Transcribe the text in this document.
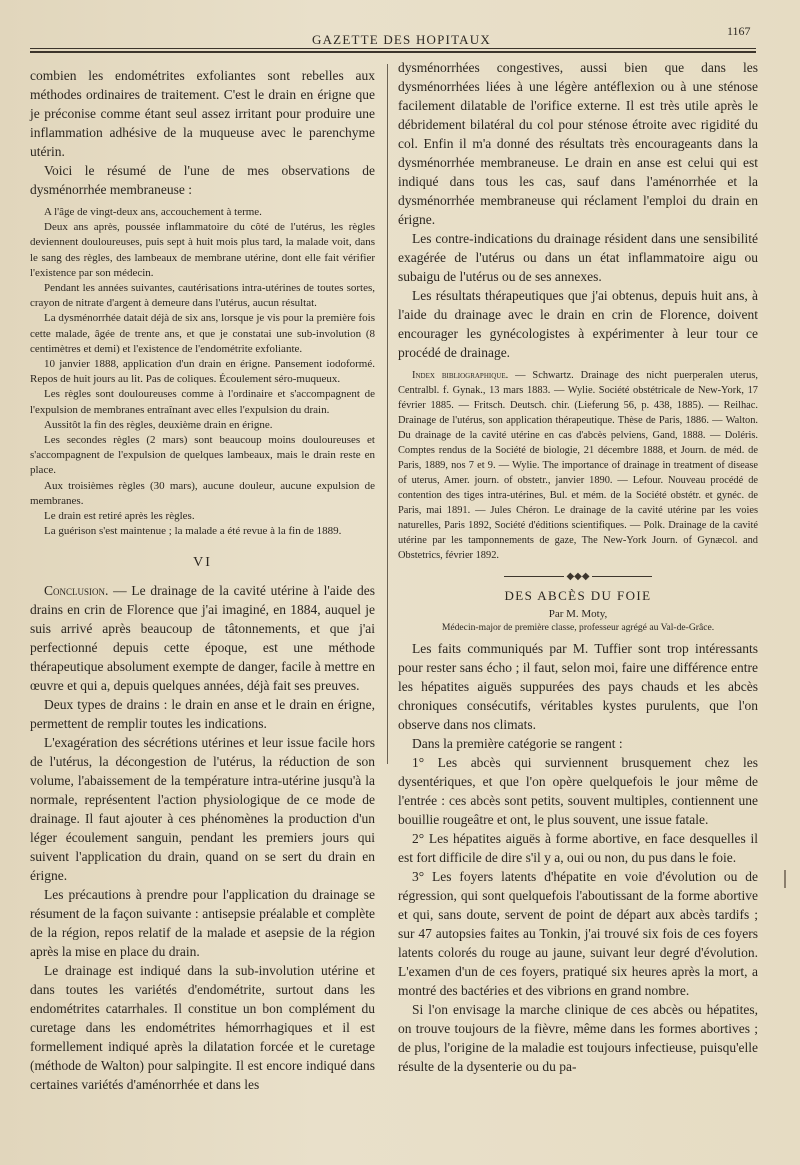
GAZETTE DES HOPITAUX
1167

combien les endométrites exfoliantes sont rebelles aux méthodes ordinaires de traitement. C'est le drain en érigne que je préconise comme étant seul assez irritant pour produire une inflammation adhésive de la muqueuse avec le parenchyme utérin.

Voici le résumé de l'une de mes observations de dysménorrhée membraneuse :

A l'âge de vingt-deux ans, accouchement à terme.

Deux ans après, poussée inflammatoire du côté de l'utérus, les règles deviennent douloureuses, puis sept à huit mois plus tard, la malade voit, dans le sang des règles, des lambeaux de membrane utérine, dont elle fait vérifier l'existence par son médecin.

Pendant les années suivantes, cautérisations intra-utérines de toutes sortes, crayon de nitrate d'argent à demeure dans l'utérus, aucun résultat.

La dysménorrhée datait déjà de six ans, lorsque je vis pour la première fois cette malade, âgée de trente ans, et que je constatai une sub-involution (8 centimètres et demi) et l'existence de l'endométrite exfoliante.

10 janvier 1888, application d'un drain en érigne. Pansement iodoformé. Repos de huit jours au lit. Pas de coliques. Écoulement séro-muqueux.

Les règles sont douloureuses comme à l'ordinaire et s'accompagnent de l'expulsion de membranes entraînant avec elles l'expulsion du drain.

Aussitôt la fin des règles, deuxième drain en érigne.

Les secondes règles (2 mars) sont beaucoup moins douloureuses et s'accompagnent de l'expulsion de quelques lambeaux, mais le drain reste en place.

Aux troisièmes règles (30 mars), aucune douleur, aucune expulsion de membranes.

Le drain est retiré après les règles.

La guérison s'est maintenue ; la malade a été revue à la fin de 1889.

VI

Conclusion. — Le drainage de la cavité utérine à l'aide des drains en crin de Florence que j'ai imaginé, en 1884, auquel je suis arrivé après beaucoup de tâtonnements, et que j'ai perfectionné depuis cette époque, est une méthode thérapeutique absolument exempte de danger, facile à mettre en œuvre et qui a, depuis quelques années, déjà fait ses preuves.

Deux types de drains : le drain en anse et le drain en érigne, permettent de remplir toutes les indications.

L'exagération des sécrétions utérines et leur issue facile hors de l'utérus, la décongestion de l'utérus, la réduction de son volume, l'abaissement de la température intra-utérine jusqu'à la normale, représentent l'action physiologique de ce mode de drainage. Il faut ajouter à ces phénomènes la production d'un léger écoulement sanguin, pendant les premiers jours qui suivent l'application du drain, quand on se sert du drain en érigne.

Les précautions à prendre pour l'application du drainage se résument de la façon suivante : antisepsie préalable et complète de la région, repos relatif de la malade et asepsie de la région après la mise en place du drain.

Le drainage est indiqué dans la sub-involution utérine et dans toutes les variétés d'endométrite, surtout dans les endométrites catarrhales. Il constitue un bon complément du curetage dans les endométrites hémorrhagiques et il est formellement indiqué après la dilatation forcée et le curetage (méthode de Walton) pour salpingite. Il est encore indiqué dans certaines variétés d'aménorrhée et dans les

dysménorrhées congestives, aussi bien que dans les dysménorrhées liées à une légère antéflexion ou à une sténose facilement dilatable de l'orifice externe. Il est très utile après le débridement bilatéral du col pour sténose étroite avec rigidité du col. Enfin il m'a donné des résultats très encourageants dans la dysménorrhée membraneuse. Le drain en anse est celui qui est indiqué dans tous les cas, sauf dans l'aménorrhée et la dysménorrhée membraneuse qui réclament l'emploi du drain en érigne.

Les contre-indications du drainage résident dans une sensibilité exagérée de l'utérus ou dans un état inflammatoire aigu ou subaigu de l'utérus ou de ses annexes.

Les résultats thérapeutiques que j'ai obtenus, depuis huit ans, à l'aide du drainage avec le drain en crin de Florence, doivent encourager les gynécologistes à expérimenter à leur tour ce procédé de drainage.

Index bibliographique. — Schwartz. Drainage des nicht puerperalen uterus, Centralbl. f. Gynak., 13 mars 1883. — Wylie. Société obstétricale de New-York, 17 février 1885. — Fritsch. Deutsch. chir. (Lieferung 56, p. 438, 1885). — Reilhac. Drainage de l'utérus, son application thérapeutique. Thèse de Paris, 1886. — Walton. Du drainage de la cavité utérine en cas d'abcès pelviens, Gand, 1888. — Doléris. Comptes rendus de la Société de biologie, 21 décembre 1888, et Journ. de méd. de Paris, 1889, nos 7 et 9. — Wylie. The importance of drainage in treatment of disease of uterus, Amer. journ. of obstetr., janvier 1890. — Lefour. Nouveau procédé de contention des tiges intra-utérines, Bul. et mém. de la Société obstétr. et gynéc. de Paris, mai 1891. — Jules Chéron. Le drainage de la cavité utérine par les voies naturelles, Paris 1892, Société d'éditions scientifiques. — Polk. Drainage de la cavité utérine par les tamponnements de gaze, The New-York Journ. of Gynæcol. and Obstetrics, février 1892.

◆◆◆
DES ABCÈS DU FOIE
Par M. Moty,
Médecin-major de première classe, professeur agrégé au Val-de-Grâce.

Les faits communiqués par M. Tuffier sont trop intéressants pour rester sans écho ; il faut, selon moi, faire une différence entre les hépatites aiguës suppurées des pays chauds et les abcès chroniques consécutifs, véritables kystes purulents, que l'on observe dans nos climats.

Dans la première catégorie se rangent :

1° Les abcès qui surviennent brusquement chez les dysentériques, et que l'on opère quelquefois le jour même de l'entrée : ces abcès sont petits, souvent multiples, contiennent une bouillie rougeâtre et ont, le plus souvent, une issue fatale.

2° Les hépatites aiguës à forme abortive, en face desquelles il est fort difficile de dire s'il y a, oui ou non, du pus dans le foie.

3° Les foyers latents d'hépatite en voie d'évolution ou de régression, qui sont quelquefois l'aboutissant de la forme abortive et qui, sans doute, servent de point de départ aux abcès tardifs ; sur 47 autopsies faites au Tonkin, j'ai trouvé six fois de ces foyers latents colorés du rouge au jaune, suivant leur degré d'évolution. L'examen d'un de ces foyers, pratiqué six heures après la mort, a montré des bactéries et des vibrions en grand nombre.

Si l'on envisage la marche clinique de ces abcès ou hépatites, on trouve toujours de la fièvre, même dans les formes abortives ; de plus, l'origine de la maladie est toujours infectieuse, puisqu'elle résulte de la dysenterie ou du pa-
